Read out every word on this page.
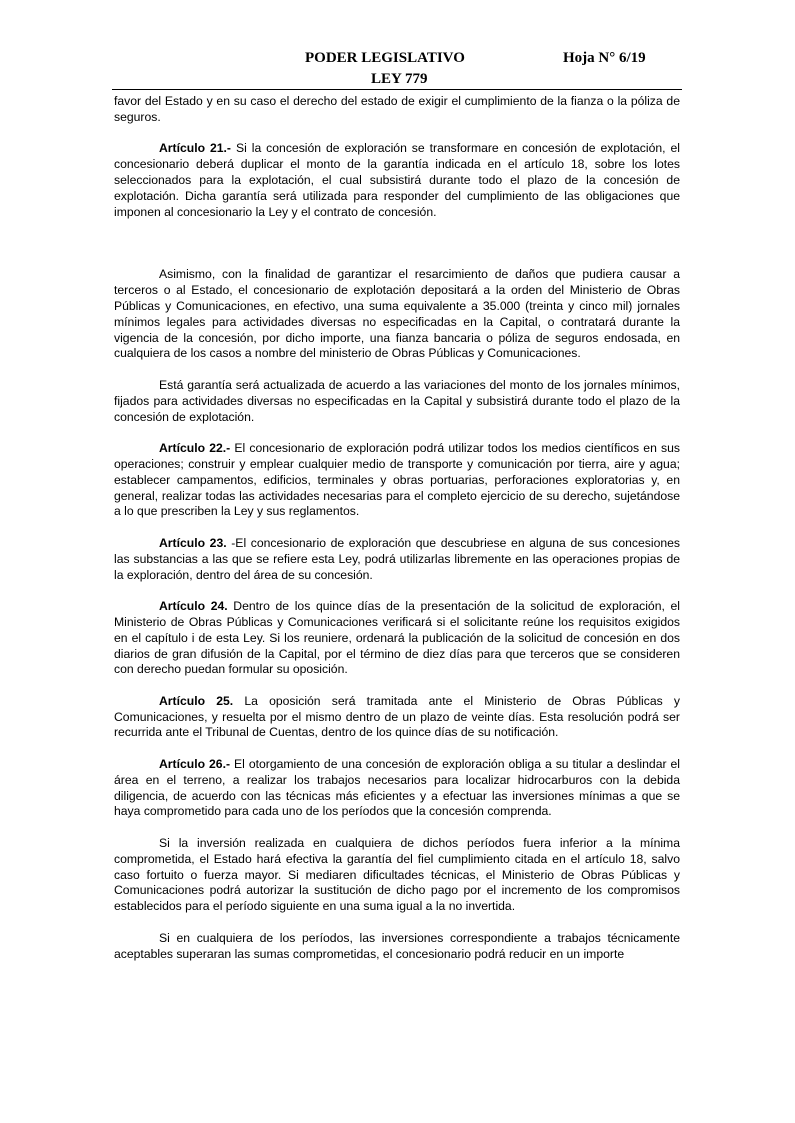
PODER LEGISLATIVO	Hoja N° 6/19
LEY 779

favor del Estado y en su caso el derecho del estado de exigir el cumplimiento de la fianza o la póliza de seguros.

Artículo 21.- Si la concesión de exploración se transformare en concesión de explotación, el concesionario deberá duplicar el monto de la garantía indicada en el artículo 18, sobre los lotes seleccionados para la explotación, el cual subsistirá durante todo el plazo de la concesión de explotación. Dicha garantía será utilizada para responder del cumplimiento de las obligaciones que imponen al concesionario la Ley y el contrato de concesión.

Asimismo, con la finalidad de garantizar el resarcimiento de daños que pudiera causar a terceros o al Estado, el concesionario de explotación depositará a la orden del Ministerio de Obras Públicas y Comunicaciones, en efectivo, una suma equivalente a 35.000 (treinta y cinco mil) jornales mínimos legales para actividades diversas no especificadas en la Capital, o contratará durante la vigencia de la concesión, por dicho importe, una fianza bancaria o póliza de seguros endosada, en cualquiera de los casos a nombre del ministerio de Obras Públicas y Comunicaciones.

Está garantía será actualizada de acuerdo a las variaciones del monto de los jornales mínimos, fijados para actividades diversas no especificadas en la Capital y subsistirá durante todo el plazo de la concesión de explotación.

Artículo 22.- El concesionario de exploración podrá utilizar todos los medios científicos en sus operaciones; construir y emplear cualquier medio de transporte y comunicación por tierra, aire y agua; establecer campamentos, edificios, terminales y obras portuarias, perforaciones exploratorias y, en general, realizar todas las actividades necesarias para el completo ejercicio de su derecho, sujetándose a lo que prescriben la Ley y sus reglamentos.

Artículo 23. -El concesionario de exploración que descubriese en alguna de sus concesiones las substancias a las que se refiere esta Ley, podrá utilizarlas libremente en las operaciones propias de la exploración, dentro del área de su concesión.

Artículo 24. Dentro de los quince días de la presentación de la solicitud de exploración, el Ministerio de Obras Públicas y Comunicaciones verificará si el solicitante reúne los requisitos exigidos en el capítulo i de esta Ley. Si los reuniere, ordenará la publicación de la solicitud de concesión en dos diarios de gran difusión de la Capital, por el término de diez días para que terceros que se consideren con derecho puedan formular su oposición.

Artículo 25. La oposición será tramitada ante el Ministerio de Obras Públicas y Comunicaciones, y resuelta por el mismo dentro de un plazo de veinte días. Esta resolución podrá ser recurrida ante el Tribunal de Cuentas, dentro de los quince días de su notificación.

Artículo 26.- El otorgamiento de una concesión de exploración obliga a su titular a deslindar el área en el terreno, a realizar los trabajos necesarios para localizar hidrocarburos con la debida diligencia, de acuerdo con las técnicas más eficientes y a efectuar las inversiones mínimas a que se haya comprometido para cada uno de los períodos que la concesión comprenda.

Si la inversión realizada en cualquiera de dichos períodos fuera inferior a la mínima comprometida, el Estado hará efectiva la garantía del fiel cumplimiento citada en el artículo 18, salvo caso fortuito o fuerza mayor. Si mediaren dificultades técnicas, el Ministerio de Obras Públicas y Comunicaciones podrá autorizar la sustitución de dicho pago por el incremento de los compromisos establecidos para el período siguiente en una suma igual a la no invertida.

Si en cualquiera de los períodos, las inversiones correspondiente a trabajos técnicamente aceptables superaran las sumas comprometidas, el concesionario podrá reducir en un importe
